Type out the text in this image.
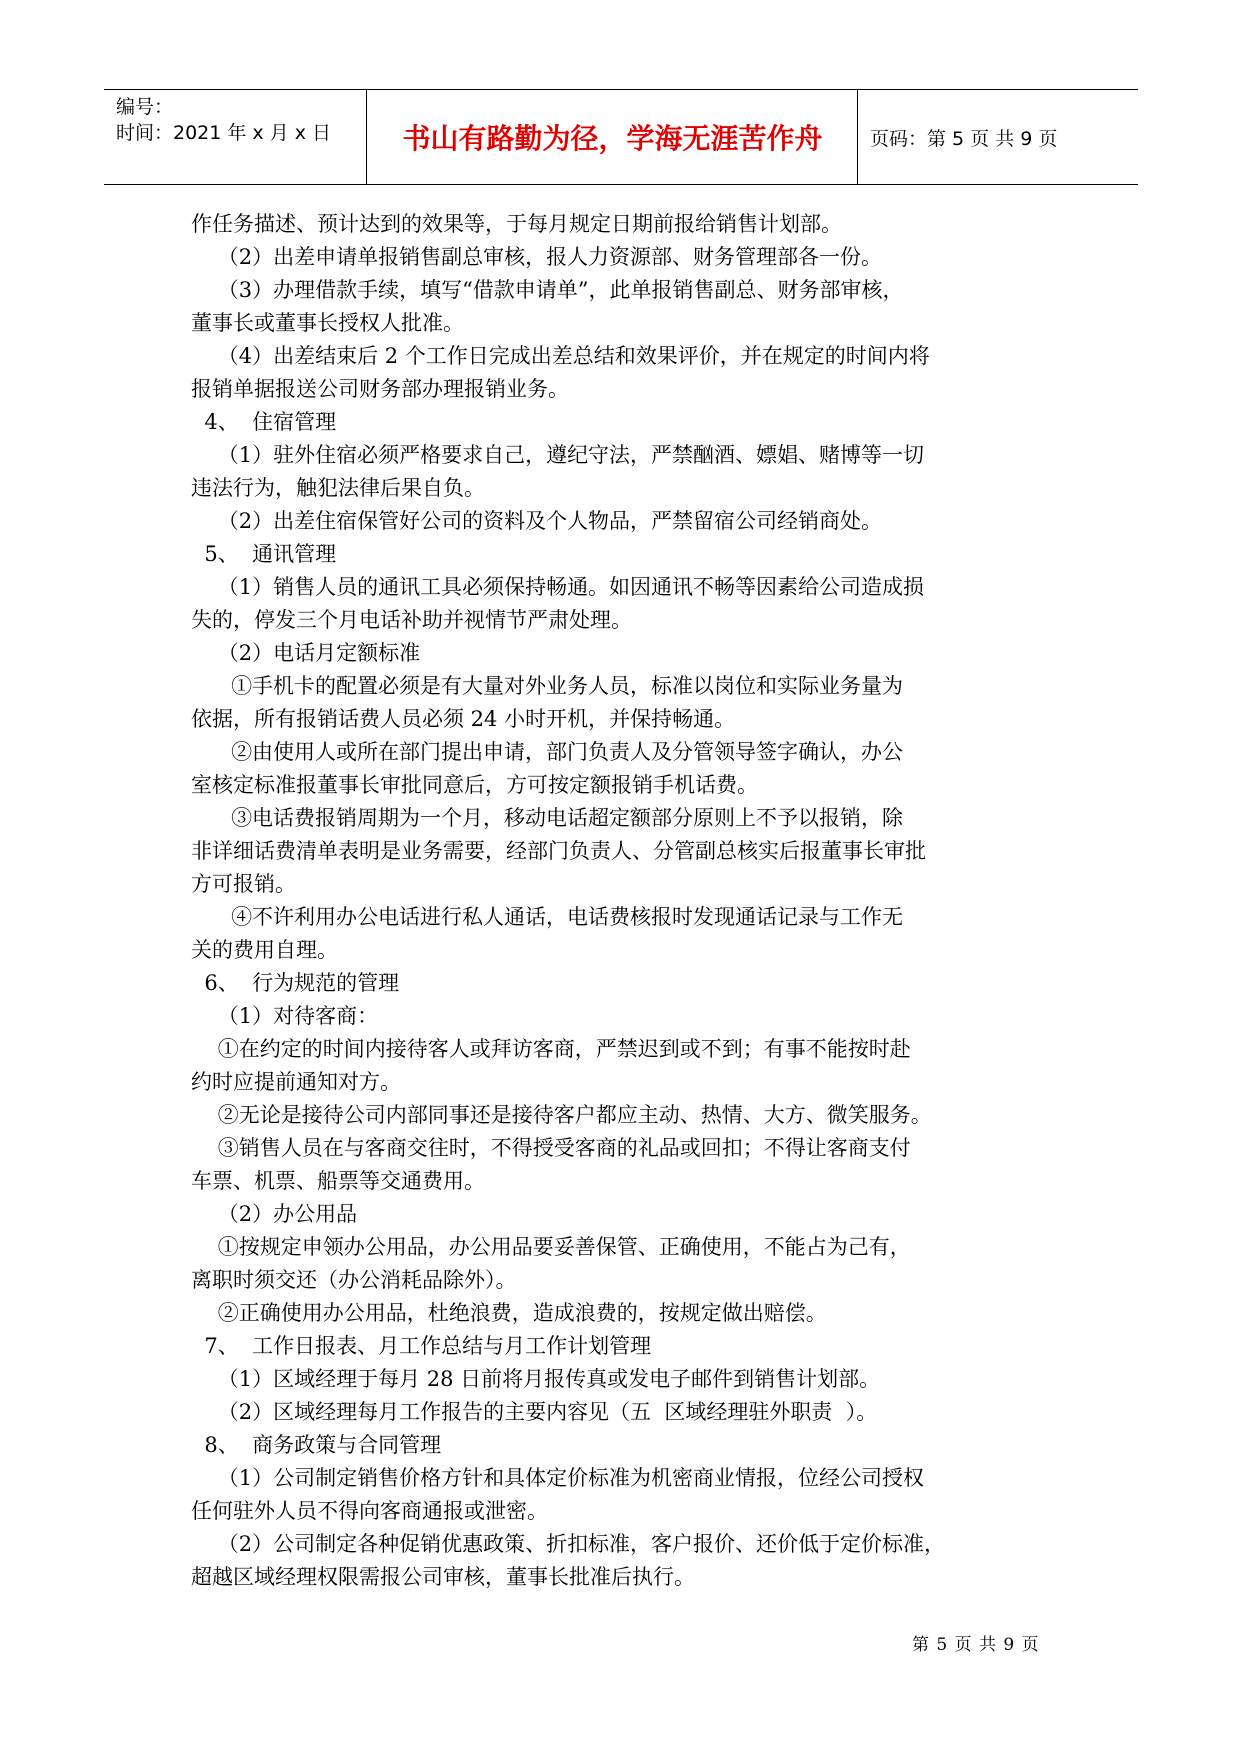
编号：
时间：2021 年 x 月 x 日	书山有路勤为径，学海无涯苦作舟	页码：第 5 页 共 9 页

作任务描述、预计达到的效果等，于每月规定日期前报给销售计划部。

（2）出差申请单报销售副总审核，报人力资源部、财务管理部各一份。

（3）办理借款手续，填写“借款申请单”，此单报销售副总、财务部审核，

董事长或董事长授权人批准。

（4）出差结束后 2 个工作日完成出差总结和效果评价，并在规定的时间内将

报销单据报送公司财务部办理报销业务。

4、  住宿管理

（1）驻外住宿必须严格要求自己，遵纪守法，严禁酗酒、嫖娼、赌博等一切

违法行为，触犯法律后果自负。

（2）出差住宿保管好公司的资料及个人物品，严禁留宿公司经销商处。

5、  通讯管理

（1）销售人员的通讯工具必须保持畅通。如因通讯不畅等因素给公司造成损

失的，停发三个月电话补助并视情节严肃处理。

（2）电话月定额标准

①手机卡的配置必须是有大量对外业务人员，标准以岗位和实际业务量为

依据，所有报销话费人员必须 24 小时开机，并保持畅通。

②由使用人或所在部门提出申请，部门负责人及分管领导签字确认，办公

室核定标准报董事长审批同意后，方可按定额报销手机话费。

③电话费报销周期为一个月，移动电话超定额部分原则上不予以报销，除

非详细话费清单表明是业务需要，经部门负责人、分管副总核实后报董事长审批

方可报销。

④不许利用办公电话进行私人通话，电话费核报时发现通话记录与工作无

关的费用自理。

6、  行为规范的管理

（1）对待客商：

①在约定的时间内接待客人或拜访客商，严禁迟到或不到；有事不能按时赴

约时应提前通知对方。

②无论是接待公司内部同事还是接待客户都应主动、热情、大方、微笑服务。

③销售人员在与客商交往时，不得授受客商的礼品或回扣；不得让客商支付

车票、机票、船票等交通费用。

（2）办公用品

①按规定申领办公用品，办公用品要妥善保管、正确使用，不能占为己有，

离职时须交还（办公消耗品除外）。

②正确使用办公用品，杜绝浪费，造成浪费的，按规定做出赔偿。

7、  工作日报表、月工作总结与月工作计划管理

（1）区域经理于每月 28 日前将月报传真或发电子邮件到销售计划部。

（2）区域经理每月工作报告的主要内容见（五  区域经理驻外职责  ）。

8、  商务政策与合同管理

（1）公司制定销售价格方针和具体定价标准为机密商业情报，位经公司授权

任何驻外人员不得向客商通报或泄密。

（2）公司制定各种促销优惠政策、折扣标准，客户报价、还价低于定价标准，

超越区域经理权限需报公司审核，董事长批准后执行。

第 5 页 共 9 页
